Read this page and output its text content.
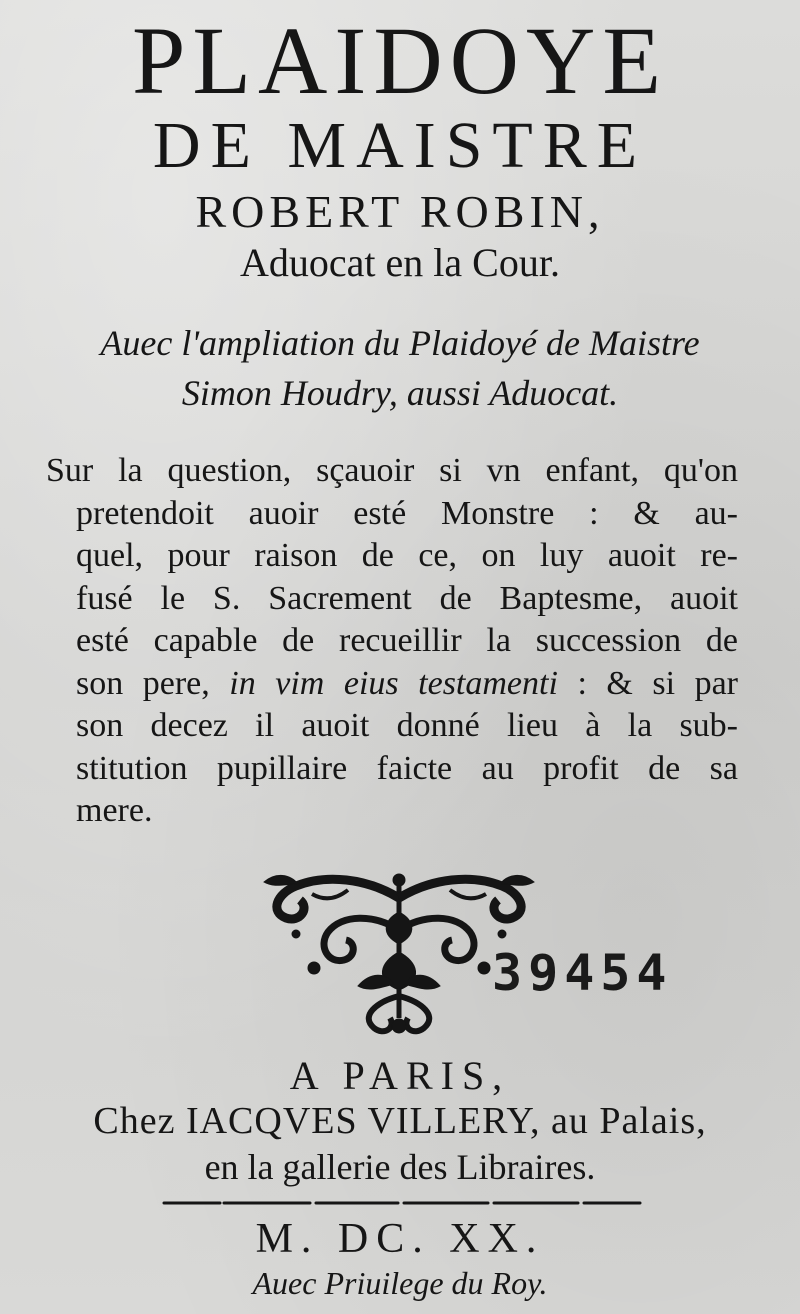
PLAIDOYE
DE MAISTRE
ROBERT ROBIN,
Aduocat en la Cour.
Auec l'ampliation du Plaidoyé de Maistre
Simon Houdry, aussi Aduocat.
Sur la question, sçauoir si vn enfant, qu'on
pretendoit auoir esté Monstre : & au-
quel, pour raison de ce, on luy auoit re-
fusé le S. Sacrement de Baptesme, auoit
esté capable de recueillir la succession de
son pere, in vim eius testamenti : & si par
son decez il auoit donné lieu à la sub-
stitution pupillaire faicte au profit de sa
mere.
39454
A PARIS,
Chez IACQVES VILLERY, au Palais,
en la gallerie des Libraires.
M. DC. XX.
Auec Priuilege du Roy.
